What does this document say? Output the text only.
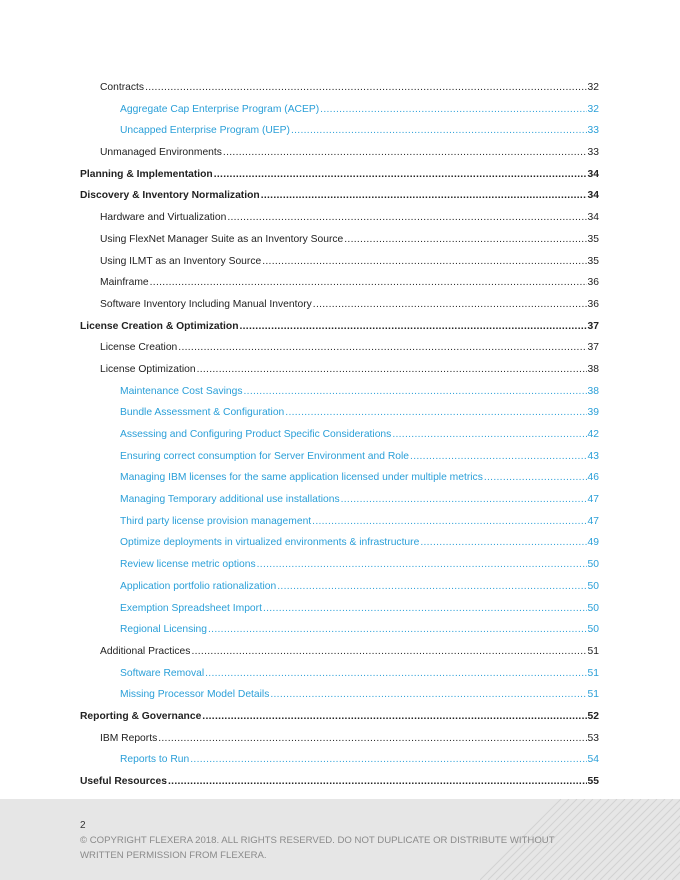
Contracts .....	32
Aggregate Cap Enterprise Program (ACEP) .....	32
Uncapped Enterprise Program (UEP) .....	33
Unmanaged Environments .....	33
Planning & Implementation .....	34
Discovery & Inventory Normalization .....	34
Hardware and Virtualization .....	34
Using FlexNet Manager Suite as an Inventory Source .....	35
Using ILMT as an Inventory Source .....	35
Mainframe .....	36
Software Inventory Including Manual Inventory .....	36
License Creation & Optimization .....	37
License Creation .....	37
License Optimization .....	38
Maintenance Cost Savings .....	38
Bundle Assessment & Configuration .....	39
Assessing and Configuring Product Specific Considerations .....	42
Ensuring correct consumption for Server Environment and Role .....	43
Managing IBM licenses for the same application licensed under multiple metrics .....	46
Managing Temporary additional use installations .....	47
Third party license provision management .....	47
Optimize deployments in virtualized environments & infrastructure .....	49
Review license metric options .....	50
Application portfolio rationalization .....	50
Exemption Spreadsheet Import .....	50
Regional Licensing .....	50
Additional Practices .....	51
Software Removal .....	51
Missing Processor Model Details .....	51
Reporting & Governance .....	52
IBM Reports .....	53
Reports to Run .....	54
Useful Resources .....	55
2
© COPYRIGHT FLEXERA 2018. ALL RIGHTS RESERVED. DO NOT DUPLICATE OR DISTRIBUTE WITHOUT WRITTEN PERMISSION FROM FLEXERA.
